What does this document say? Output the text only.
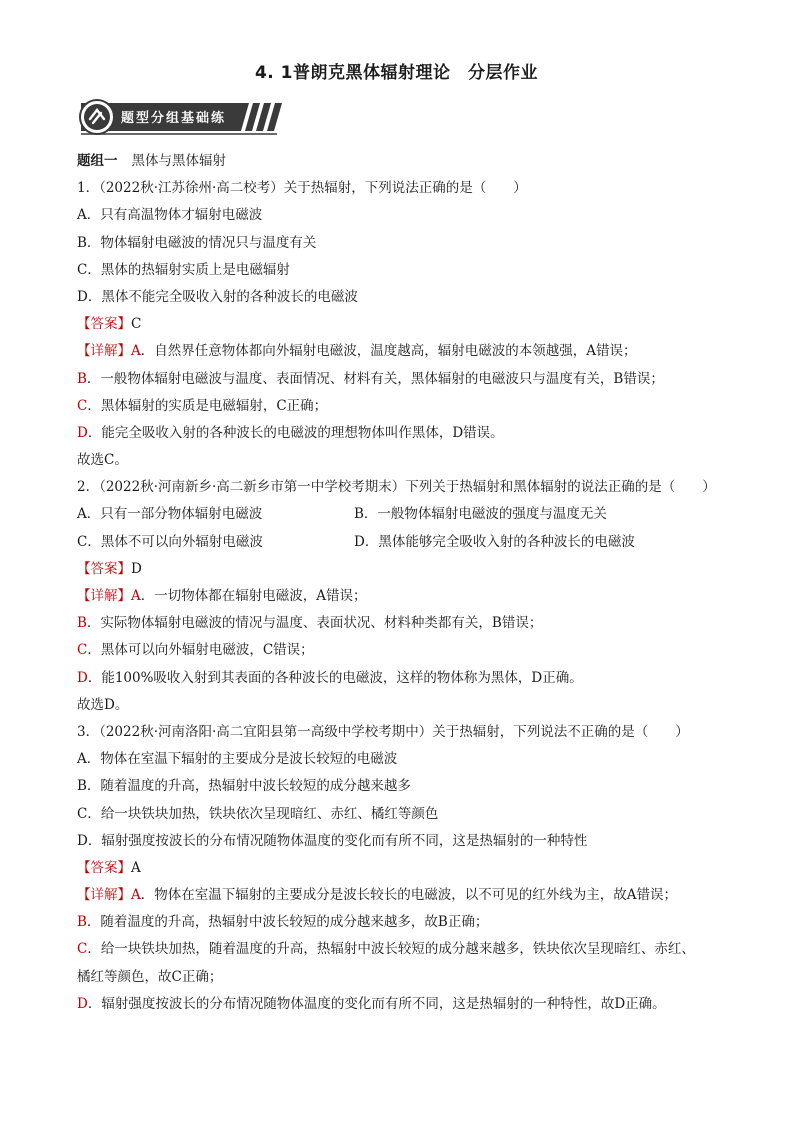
4. 1普朗克黑体辐射理论　分层作业
题型分组基础练
题组一 黑体与黑体辐射
1．（2022秋·江苏徐州·高二校考）关于热辐射，下列说法正确的是（　　）
A．只有高温物体才辐射电磁波
B．物体辐射电磁波的情况只与温度有关
C．黑体的热辐射实质上是电磁辐射
D．黑体不能完全吸收入射的各种波长的电磁波
【答案】C
【详解】A．自然界任意物体都向外辐射电磁波，温度越高，辐射电磁波的本领越强，A错误；
B．一般物体辐射电磁波与温度、表面情况、材料有关，黑体辐射的电磁波只与温度有关，B错误；
C．黑体辐射的实质是电磁辐射，C正确；
D．能完全吸收入射的各种波长的电磁波的理想物体叫作黑体，D错误。
故选C。
2．（2022秋·河南新乡·高二新乡市第一中学校考期末）下列关于热辐射和黑体辐射的说法正确的是（　　）
A．只有一部分物体辐射电磁波	B．一般物体辐射电磁波的强度与温度无关
C．黑体不可以向外辐射电磁波	D．黑体能够完全吸收入射的各种波长的电磁波
【答案】D
【详解】A．一切物体都在辐射电磁波，A错误；
B．实际物体辐射电磁波的情况与温度、表面状况、材料种类都有关，B错误；
C．黑体可以向外辐射电磁波，C错误；
D．能100%吸收入射到其表面的各种波长的电磁波，这样的物体称为黑体，D正确。
故选D。
3．（2022秋·河南洛阳·高二宜阳县第一高级中学校考期中）关于热辐射，下列说法不正确的是（　　）
A．物体在室温下辐射的主要成分是波长较短的电磁波
B．随着温度的升高，热辐射中波长较短的成分越来越多
C．给一块铁块加热，铁块依次呈现暗红、赤红、橘红等颜色
D．辐射强度按波长的分布情况随物体温度的变化而有所不同，这是热辐射的一种特性
【答案】A
【详解】A．物体在室温下辐射的主要成分是波长较长的电磁波，以不可见的红外线为主，故A错误；
B．随着温度的升高，热辐射中波长较短的成分越来越多，故B正确；
C．给一块铁块加热，随着温度的升高，热辐射中波长较短的成分越来越多，铁块依次呈现暗红、赤红、
橘红等颜色，故C正确；
D．辐射强度按波长的分布情况随物体温度的变化而有所不同，这是热辐射的一种特性，故D正确。
